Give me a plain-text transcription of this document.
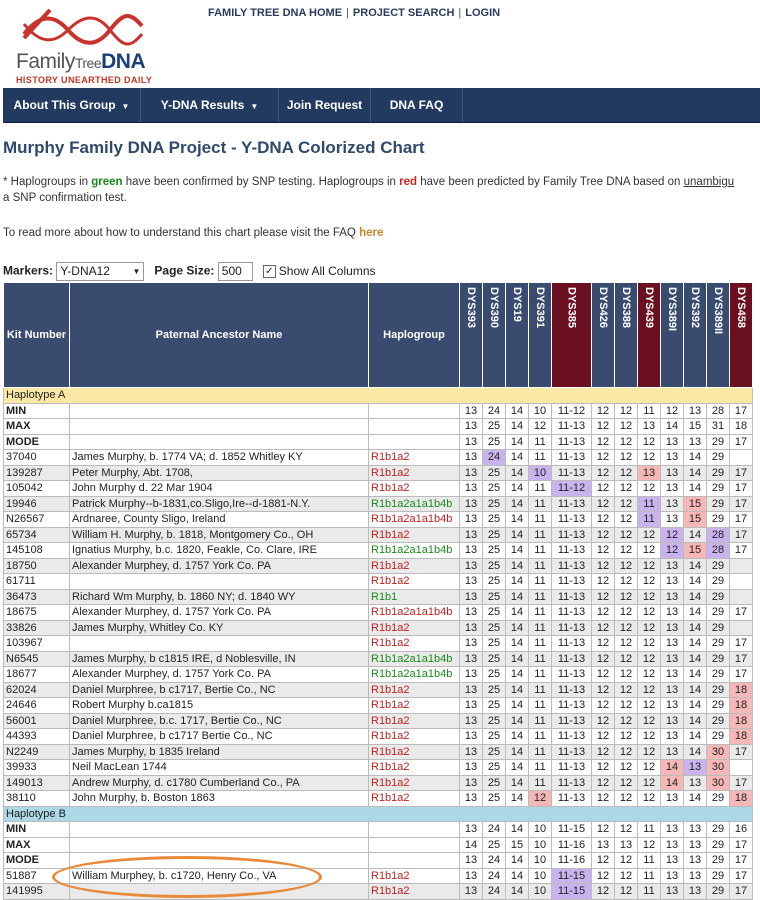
FamilyTreeDNA
HISTORY UNEARTHED DAILY
FAMILY TREE DNA HOME | PROJECT SEARCH | LOGIN
About This Group ▼	Y-DNA Results ▼	Join Request	DNA FAQ
Murphy Family DNA Project - Y-DNA Colorized Chart
* Haplogroups in green have been confirmed by SNP testing. Haplogroups in red have been predicted by Family Tree DNA based on unambigu
a SNP confirmation test.
To read more about how to understand this chart please visit the FAQ here
Markers: Y-DNA12	▼ Page Size: 500 ✓ Show All Columns
Kit Number	Paternal Ancestor Name	Haplogroup	DYS393	DYS390	DYS19	DYS391	DYS385	DYS426	DYS388	DYS439	DYS389I	DYS392	DYS389II	DYS458

Haplotype A														
MIN			13	24	14	10	11-12	12	12	11	12	13	28	17
MAX			13	25	14	12	11-13	12	12	13	14	15	31	18
MODE			13	25	14	11	11-13	12	12	12	13	13	29	17
37040	James Murphy, b. 1774 VA; d. 1852 Whitley KY	R1b1a2	13	24	14	11	11-13	12	12	12	13	14	29	
139287	Peter Murphy, Abt. 1708,	R1b1a2	13	25	14	10	11-13	12	12	13	13	14	29	17
105042	John Murphy d. 22 Mar 1904	R1b1a2	13	25	14	11	11-12	12	12	12	13	14	29	17
19946	Patrick Murphy--b-1831,co.Sligo,Ire--d-1881-N.Y.	R1b1a2a1a1b4b	13	25	14	11	11-13	12	12	11	13	15	29	17
N26567	Ardnaree, County Sligo, Ireland	R1b1a2a1a1b4b	13	25	14	11	11-13	12	12	11	13	15	29	17
65734	William H. Murphy, b. 1818, Montgomery Co., OH	R1b1a2	13	25	14	11	11-13	12	12	12	12	14	28	17
145108	Ignatius Murphy, b.c. 1820, Feakle, Co. Clare, IRE	R1b1a2a1a1b4b	13	25	14	11	11-13	12	12	12	12	15	28	17
18750	Alexander Murphey, d. 1757 York Co. PA	R1b1a2	13	25	14	11	11-13	12	12	12	13	14	29	
61711		R1b1a2	13	25	14	11	11-13	12	12	12	13	14	29	
36473	Richard Wm Murphy, b. 1860 NY; d. 1840 WY	R1b1	13	25	14	11	11-13	12	12	12	13	14	29	
18675	Alexander Murphey, d. 1757 York Co. PA	R1b1a2a1a1b4b	13	25	14	11	11-13	12	12	12	13	14	29	17
33826	James Murphy, Whitley Co. KY	R1b1a2	13	25	14	11	11-13	12	12	12	13	14	29	
103967		R1b1a2	13	25	14	11	11-13	12	12	12	13	14	29	17
N6545	James Murphy, b c1815 IRE, d Noblesville, IN	R1b1a2a1a1b4b	13	25	14	11	11-13	12	12	12	13	14	29	17
18677	Alexander Murphey, d. 1757 York Co. PA	R1b1a2a1a1b4b	13	25	14	11	11-13	12	12	12	13	14	29	17
62024	Daniel Murphree, b c1717, Bertie Co., NC	R1b1a2	13	25	14	11	11-13	12	12	12	13	14	29	18
24646	Robert Murphy b.ca1815	R1b1a2	13	25	14	11	11-13	12	12	12	13	14	29	18
56001	Daniel Murphree, b.c. 1717, Bertie Co., NC	R1b1a2	13	25	14	11	11-13	12	12	12	13	14	29	18
44393	Daniel Murphree, b c1717 Bertie Co., NC	R1b1a2	13	25	14	11	11-13	12	12	12	13	14	29	18
N2249	James Murphy, b 1835 Ireland	R1b1a2	13	25	14	11	11-13	12	12	12	13	14	30	17
39933	Neil MacLean 1744	R1b1a2	13	25	14	11	11-13	12	12	12	14	13	30	
149013	Andrew Murphy, d. c1780 Cumberland Co., PA	R1b1a2	13	25	14	11	11-13	12	12	12	14	13	30	17
38110	John Murphy, b. Boston 1863	R1b1a2	13	25	14	12	11-13	12	12	12	13	14	29	18
Haplotype B														
MIN			13	24	14	10	11-15	12	12	11	13	13	29	16
MAX			14	25	15	10	11-16	13	13	12	13	13	29	17
MODE			13	24	14	10	11-16	12	12	11	13	13	29	17
51887	William Murphey, b. c1720, Henry Co., VA	R1b1a2	13	24	14	10	11-15	12	12	11	13	13	29	17
141995		R1b1a2	13	24	14	10	11-15	12	12	11	13	13	29	17
